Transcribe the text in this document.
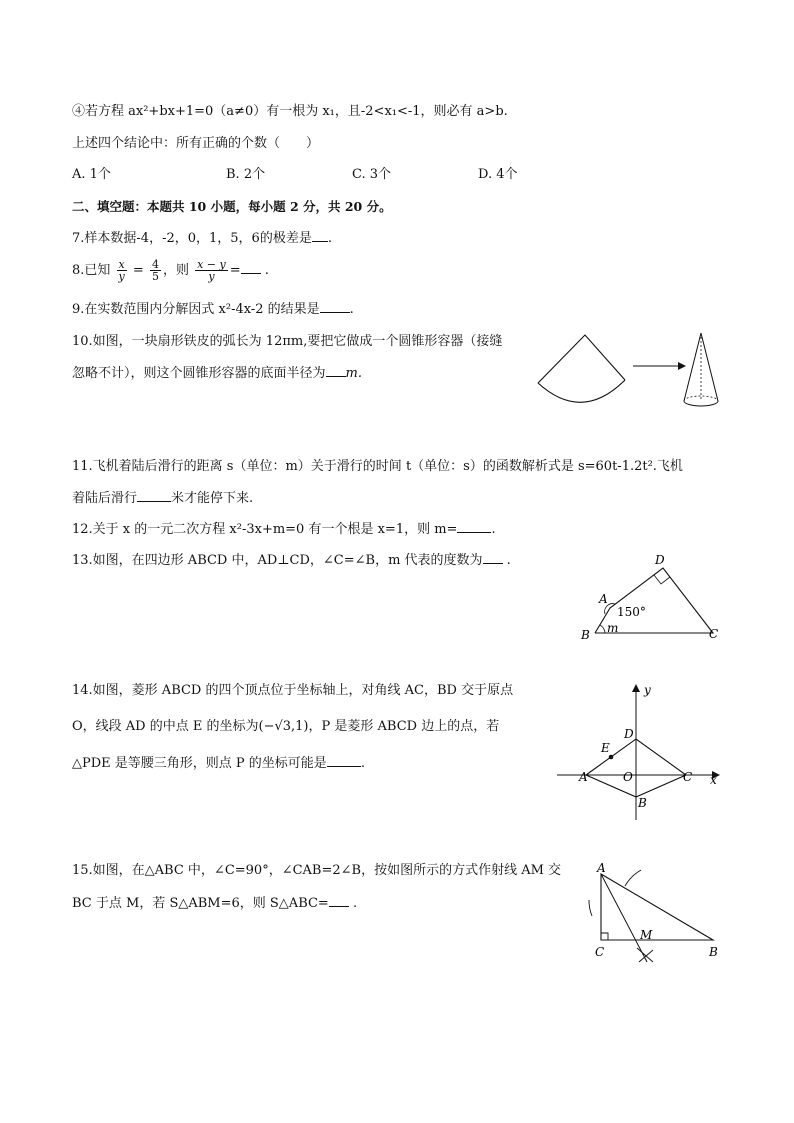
④若方程 ax²+bx+1=0（a≠0）有一根为 x₁，且-2<x₁<-1，则必有 a>b.
上述四个结论中：所有正确的个数（　　）
A. 1个	B. 2个	C. 3个	D. 4个
二、填空题：本题共 10 小题，每小题 2 分，共 20 分。
7.样本数据-4，-2，0，1，5，6的极差是 .
8.已知 $\frac{x}{y} = \frac{4}{5}$ ，则 $\frac{x - y}{y}$ = .
9.在实数范围内分解因式 x²-4x-2 的结果是 .
10.如图，一块扇形铁皮的弧长为 12πm,要把它做成一个圆锥形容器（接缝
忽略不计），则这个圆锥形容器的底面半径为 m.
11.飞机着陆后滑行的距离 s（单位：m）关于滑行的时间 t（单位：s）的函数解析式是 s=60t-1.2t².飞机
着陆后滑行	米才能停下来.
12.关于 x 的一元二次方程 x²-3x+m=0 有一个根是 x=1，则 m=	.
13.如图，在四边形 ABCD 中，AD⊥CD，∠C=∠B，m 代表的度数为 .	D
A
B	C
150°
m
14.如图，菱形 ABCD 的四个顶点位于坐标轴上，对角线 AC，BD 交于原点
O，线段 AD 的中点 E 的坐标为(−√3,1)，P 是菱形 ABCD 边上的点，若
△PDE 是等腰三角形，则点 P 的坐标可能是	.
y
x
D
E
A	O	C
B
15.如图，在△ABC 中，∠C=90°，∠CAB=2∠B，按如图所示的方式作射线 AM 交
BC 于点 M，若 S△ABM=6，则 S△ABC= .
A
C	B
M
